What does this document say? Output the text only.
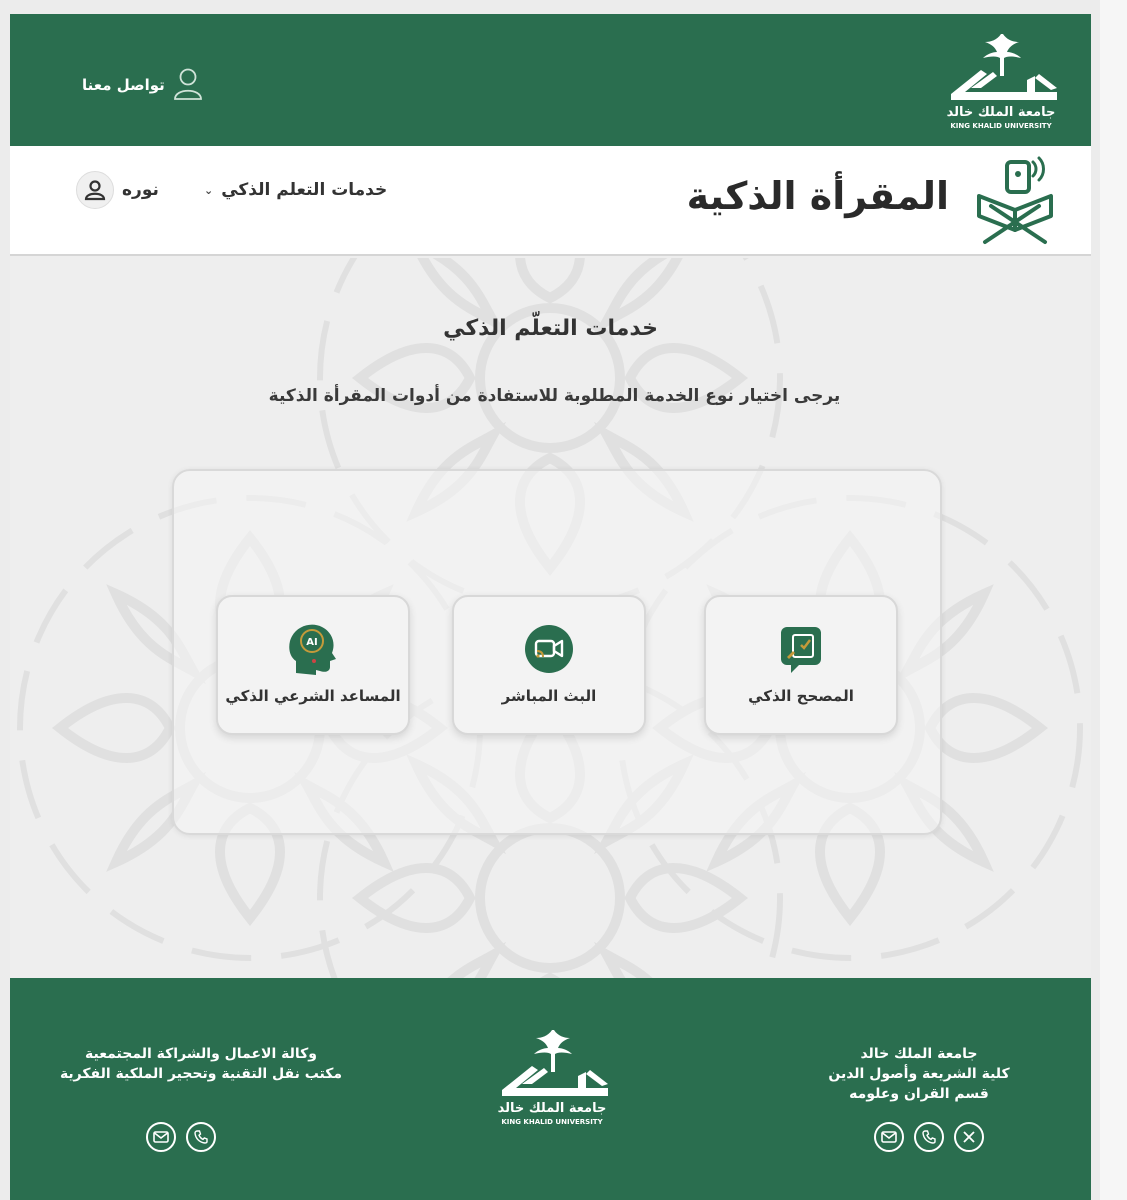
تواصل معنا
جامعة الملك خالد
KING KHALID UNIVERSITY
المقرأة الذكية
خدمات التعلم الذكي
⌄
نوره
خدمات التعلّم الذكي
يرجى اختيار نوع الخدمة المطلوبة للاستفادة من أدوات المقرأة الذكية
المصحح الذكي
البث المباشر
AI
المساعد الشرعي الذكي
جامعة الملك خالد
كلية الشريعة وأصول الدين
قسم القران وعلومه
جامعة الملك خالد
KING KHALID UNIVERSITY
وكالة الاعمال والشراكة المجتمعية
مكتب نقل التقنية وتحجير الملكية الفكرية
